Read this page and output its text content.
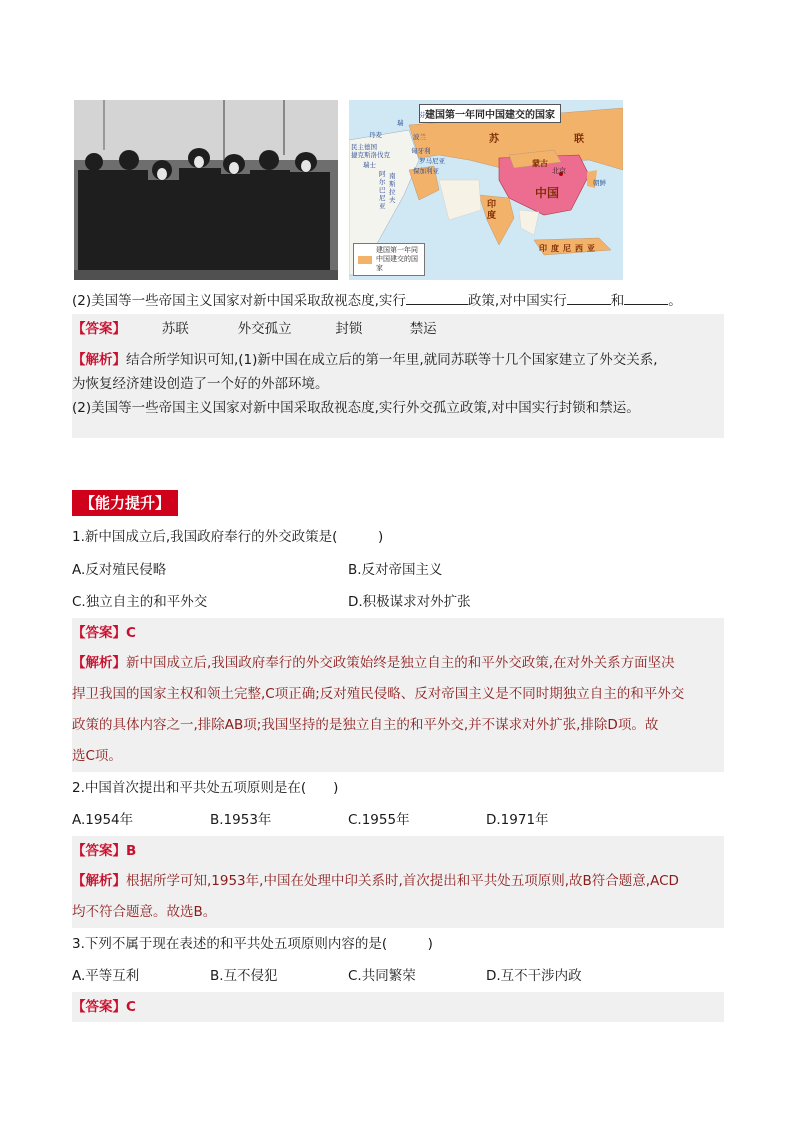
建国第一年同中国建交的国家
苏	联
蒙古
中国
北京
朝鲜
印度
印度尼西亚
丹麦
瑞
芬
波兰
民主德国
捷克斯洛伐克	匈牙利
罗马尼亚
保加利亚
瑞士
阿尔巴尼亚
南斯拉夫
建国第一年同中国建交的国家
(2)美国等一些帝国主义国家对新中国采取敌视态度,实行	政策,对中国实行	和	。
【答案】	苏联	外交孤立	封锁	禁运
【解析】结合所学知识可知,(1)新中国在成立后的第一年里,就同苏联等十几个国家建立了外交关系,
为恢复经济建设创造了一个好的外部环境。
(2)美国等一些帝国主义国家对新中国采取敌视态度,实行外交孤立政策,对中国实行封锁和禁运。
【能力提升】
1.新中国成立后,我国政府奉行的外交政策是(　　　)
A.反对殖民侵略	B.反对帝国主义
C.独立自主的和平外交	D.积极谋求对外扩张
【答案】C
【解析】新中国成立后,我国政府奉行的外交政策始终是独立自主的和平外交政策,在对外关系方面坚决
捍卫我国的国家主权和领土完整,C项正确;反对殖民侵略、反对帝国主义是不同时期独立自主的和平外交
政策的具体内容之一,排除AB项;我国坚持的是独立自主的和平外交,并不谋求对外扩张,排除D项。故
选C项。
2.中国首次提出和平共处五项原则是在(　　)
A.1954年	B.1953年	C.1955年	D.1971年
【答案】B
【解析】根据所学可知,1953年,中国在处理中印关系时,首次提出和平共处五项原则,故B符合题意,ACD
均不符合题意。故选B。
3.下列不属于现在表述的和平共处五项原则内容的是(　　　)
A.平等互利	B.互不侵犯	C.共同繁荣	D.互不干涉内政
【答案】C
